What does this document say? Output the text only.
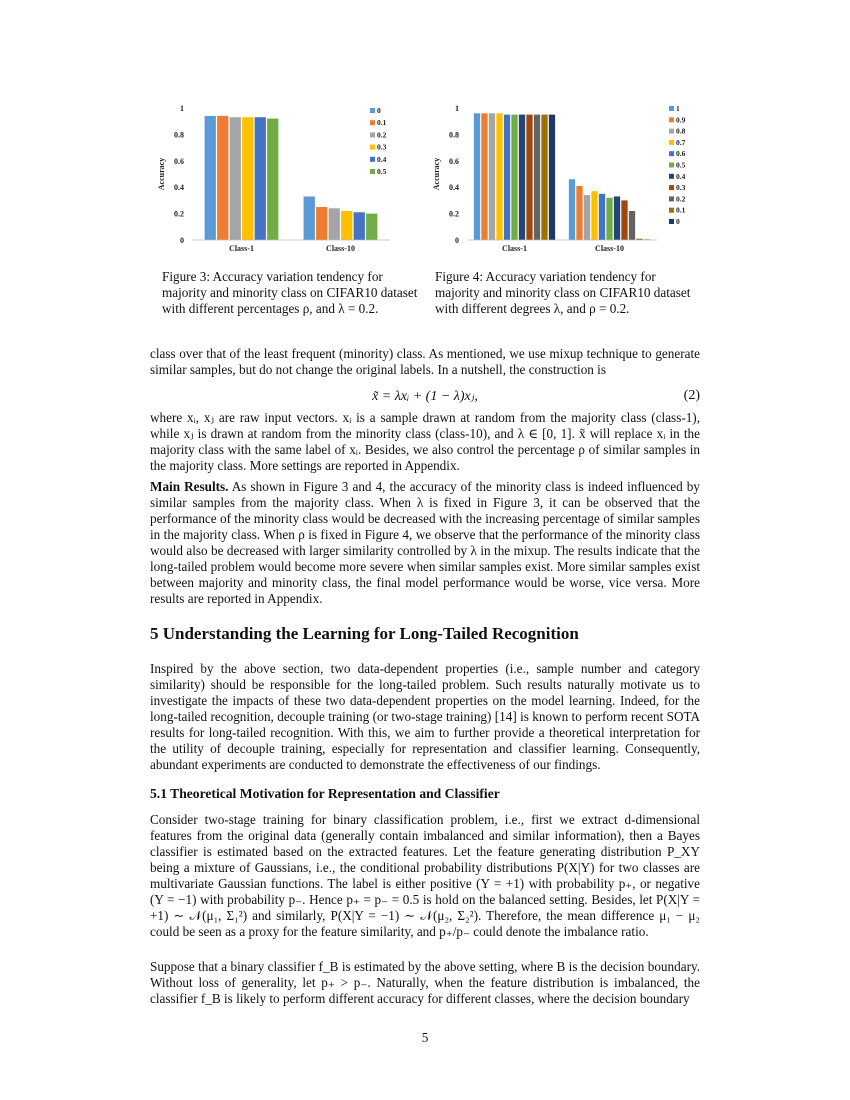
0
0.2
0.4
0.6
0.8
1
Accuracy
Class-1	Class-10
0
0.1
0.2
0.3
0.4
0.5
Figure 3: Accuracy variation tendency for majority and minority class on CIFAR10 dataset with different percentages ρ, and λ = 0.2.
0
0.2
0.4
0.6
0.8
1
Accuracy
Class-1	Class-10
1
0.9
0.8
0.7
0.6
0.5
0.4
0.3
0.2
0.1
0
Figure 4: Accuracy variation tendency for majority and minority class on CIFAR10 dataset with different degrees λ, and ρ = 0.2.

class over that of the least frequent (minority) class. As mentioned, we use mixup technique to generate similar samples, but do not change the original labels. In a nutshell, the construction is

x̃ = λxᵢ + (1 − λ)xⱼ,	(2)

where xᵢ, xⱼ are raw input vectors. xᵢ is a sample drawn at random from the majority class (class-1), while xⱼ is drawn at random from the minority class (class-10), and λ ∈ [0, 1]. x̃ will replace xᵢ in the majority class with the same label of xᵢ. Besides, we also control the percentage ρ of similar samples in the majority class. More settings are reported in Appendix.

Main Results. As shown in Figure 3 and 4, the accuracy of the minority class is indeed influenced by similar samples from the majority class. When λ is fixed in Figure 3, it can be observed that the performance of the minority class would be decreased with the increasing percentage of similar samples in the majority class. When ρ is fixed in Figure 4, we observe that the performance of the minority class would also be decreased with larger similarity controlled by λ in the mixup. The results indicate that the long-tailed problem would become more severe when similar samples exist. More similar samples exist between majority and minority class, the final model performance would be worse, vice versa. More results are reported in Appendix.

5 Understanding the Learning for Long-Tailed Recognition

Inspired by the above section, two data-dependent properties (i.e., sample number and category similarity) should be responsible for the long-tailed problem. Such results naturally motivate us to investigate the impacts of these two data-dependent properties on the model learning. Indeed, for the long-tailed recognition, decouple training (or two-stage training) [14] is known to perform recent SOTA results for long-tailed recognition. With this, we aim to further provide a theoretical interpretation for the utility of decouple training, especially for representation and classifier learning. Consequently, abundant experiments are conducted to demonstrate the effectiveness of our findings.

5.1 Theoretical Motivation for Representation and Classifier

Consider two-stage training for binary classification problem, i.e., first we extract d-dimensional features from the original data (generally contain imbalanced and similar information), then a Bayes classifier is estimated based on the extracted features. Let the feature generating distribution P_XY being a mixture of Gaussians, i.e., the conditional probability distributions P(X|Y) for two classes are multivariate Gaussian functions. The label is either positive (Y = +1) with probability p₊, or negative (Y = −1) with probability p₋. Hence p₊ = p₋ = 0.5 is hold on the balanced setting. Besides, let P(X|Y = +1) ∼ 𝒩(μ₁, Σ₁²) and similarly, P(X|Y = −1) ∼ 𝒩(μ₂, Σ₂²). Therefore, the mean difference μ₁ − μ₂ could be seen as a proxy for the feature similarity, and p₊/p₋ could denote the imbalance ratio.

Suppose that a binary classifier f_B is estimated by the above setting, where B is the decision boundary. Without loss of generality, let p₊ > p₋. Naturally, when the feature distribution is imbalanced, the classifier f_B is likely to perform different accuracy for different classes, where the decision boundary

5
